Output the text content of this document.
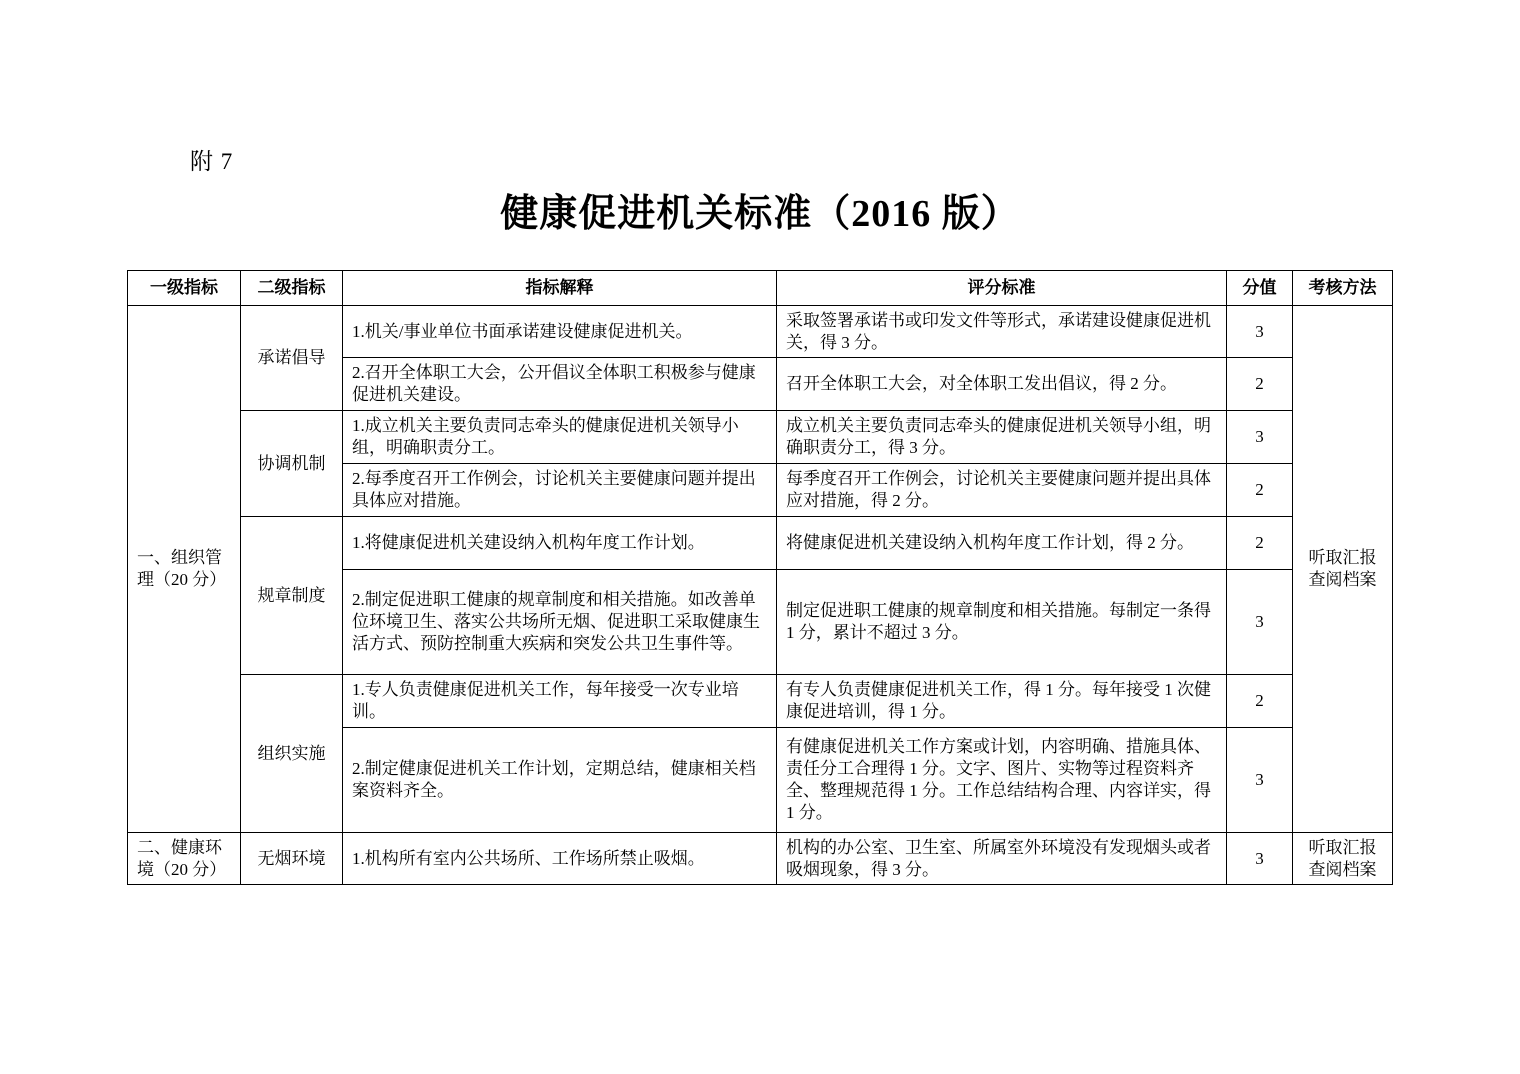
附 7
健康促进机关标准（2016 版）
一级指标	二级指标	指标解释	评分标准	分值	考核方法
一、组织管理（20 分）	承诺倡导	1.机关/事业单位书面承诺建设健康促进机关。	采取签署承诺书或印发文件等形式，承诺建设健康促进机关，得 3 分。	3	听取汇报查阅档案
		2.召开全体职工大会，公开倡议全体职工积极参与健康促进机关建设。	召开全体职工大会，对全体职工发出倡议，得 2 分。	2	
	协调机制	1.成立机关主要负责同志牵头的健康促进机关领导小组，明确职责分工。	成立机关主要负责同志牵头的健康促进机关领导小组，明确职责分工，得 3 分。	3	
		2.每季度召开工作例会，讨论机关主要健康问题并提出具体应对措施。	每季度召开工作例会，讨论机关主要健康问题并提出具体应对措施，得 2 分。	2	
	规章制度	1.将健康促进机关建设纳入机构年度工作计划。	将健康促进机关建设纳入机构年度工作计划，得 2 分。	2	
		2.制定促进职工健康的规章制度和相关措施。如改善单位环境卫生、落实公共场所无烟、促进职工采取健康生活方式、预防控制重大疾病和突发公共卫生事件等。	制定促进职工健康的规章制度和相关措施。每制定一条得 1 分，累计不超过 3 分。	3	
	组织实施	1.专人负责健康促进机关工作，每年接受一次专业培训。	有专人负责健康促进机关工作，得 1 分。每年接受 1 次健康促进培训，得 1 分。	2	
		2.制定健康促进机关工作计划，定期总结，健康相关档案资料齐全。	有健康促进机关工作方案或计划，内容明确、措施具体、责任分工合理得 1 分。文字、图片、实物等过程资料齐全、整理规范得 1 分。工作总结结构合理、内容详实，得 1 分。	3	
二、健康环境（20 分）	无烟环境	1.机构所有室内公共场所、工作场所禁止吸烟。	机构的办公室、卫生室、所属室外环境没有发现烟头或者吸烟现象，得 3 分。	3	听取汇报查阅档案
